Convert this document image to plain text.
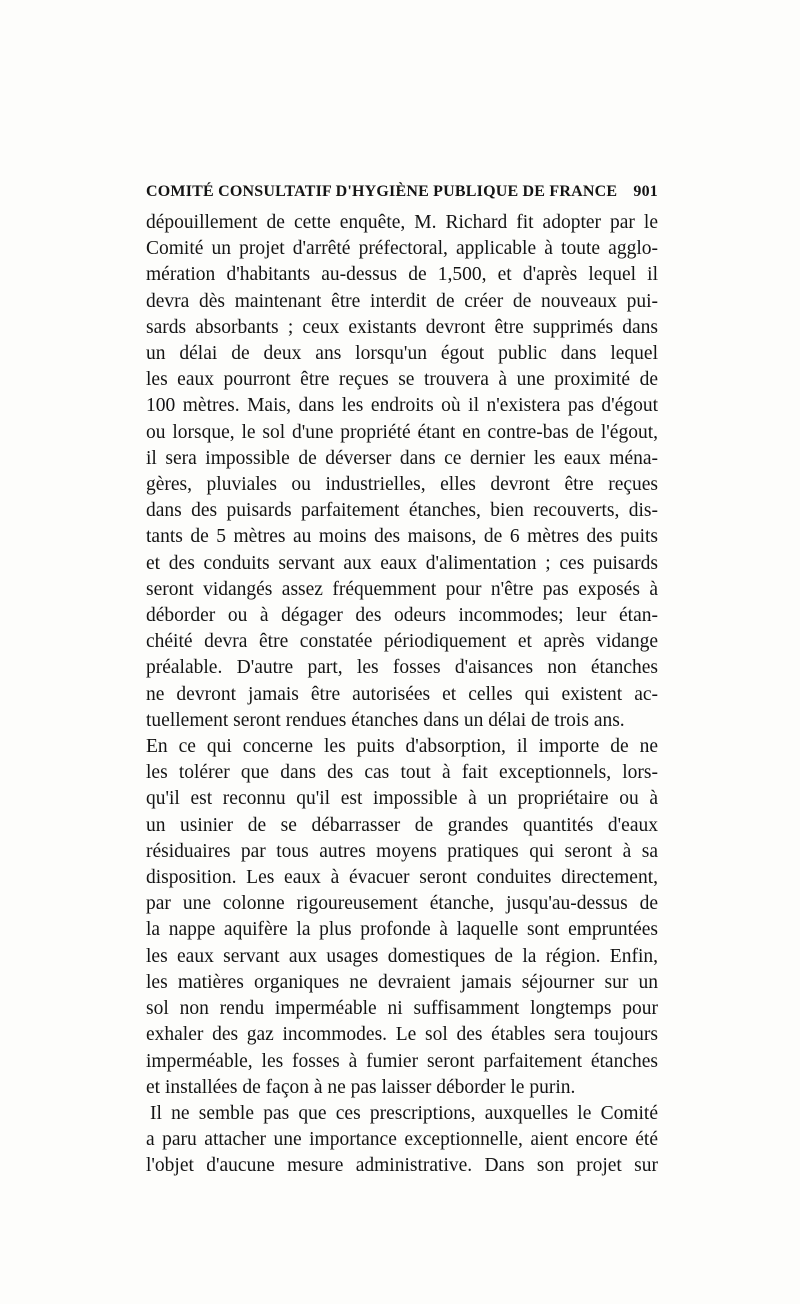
COMITÉ CONSULTATIF D'HYGIÈNE PUBLIQUE DE FRANCE 901
dépouillement de cette enquête, M. Richard fit adopter par le
Comité un projet d'arrêté préfectoral, applicable à toute agglo-
mération d'habitants au-dessus de 1,500, et d'après lequel il
devra dès maintenant être interdit de créer de nouveaux pui-
sards absorbants ; ceux existants devront être supprimés dans
un délai de deux ans lorsqu'un égout public dans lequel
les eaux pourront être reçues se trouvera à une proximité de
100 mètres. Mais, dans les endroits où il n'existera pas d'égout
ou lorsque, le sol d'une propriété étant en contre-bas de l'égout,
il sera impossible de déverser dans ce dernier les eaux ména-
gères, pluviales ou industrielles, elles devront être reçues
dans des puisards parfaitement étanches, bien recouverts, dis-
tants de 5 mètres au moins des maisons, de 6 mètres des puits
et des conduits servant aux eaux d'alimentation ; ces puisards
seront vidangés assez fréquemment pour n'être pas exposés à
déborder ou à dégager des odeurs incommodes; leur étan-
chéité devra être constatée périodiquement et après vidange
préalable. D'autre part, les fosses d'aisances non étanches
ne devront jamais être autorisées et celles qui existent ac-
tuellement seront rendues étanches dans un délai de trois ans.
En ce qui concerne les puits d'absorption, il importe de ne
les tolérer que dans des cas tout à fait exceptionnels, lors-
qu'il est reconnu qu'il est impossible à un propriétaire ou à
un usinier de se débarrasser de grandes quantités d'eaux
résiduaires par tous autres moyens pratiques qui seront à sa
disposition. Les eaux à évacuer seront conduites directement,
par une colonne rigoureusement étanche, jusqu'au-dessus de
la nappe aquifère la plus profonde à laquelle sont empruntées
les eaux servant aux usages domestiques de la région. Enfin,
les matières organiques ne devraient jamais séjourner sur un
sol non rendu imperméable ni suffisamment longtemps pour
exhaler des gaz incommodes. Le sol des étables sera toujours
imperméable, les fosses à fumier seront parfaitement étanches
et installées de façon à ne pas laisser déborder le purin.
Il ne semble pas que ces prescriptions, auxquelles le Comité
a paru attacher une importance exceptionnelle, aient encore été
l'objet d'aucune mesure administrative. Dans son projet sur
